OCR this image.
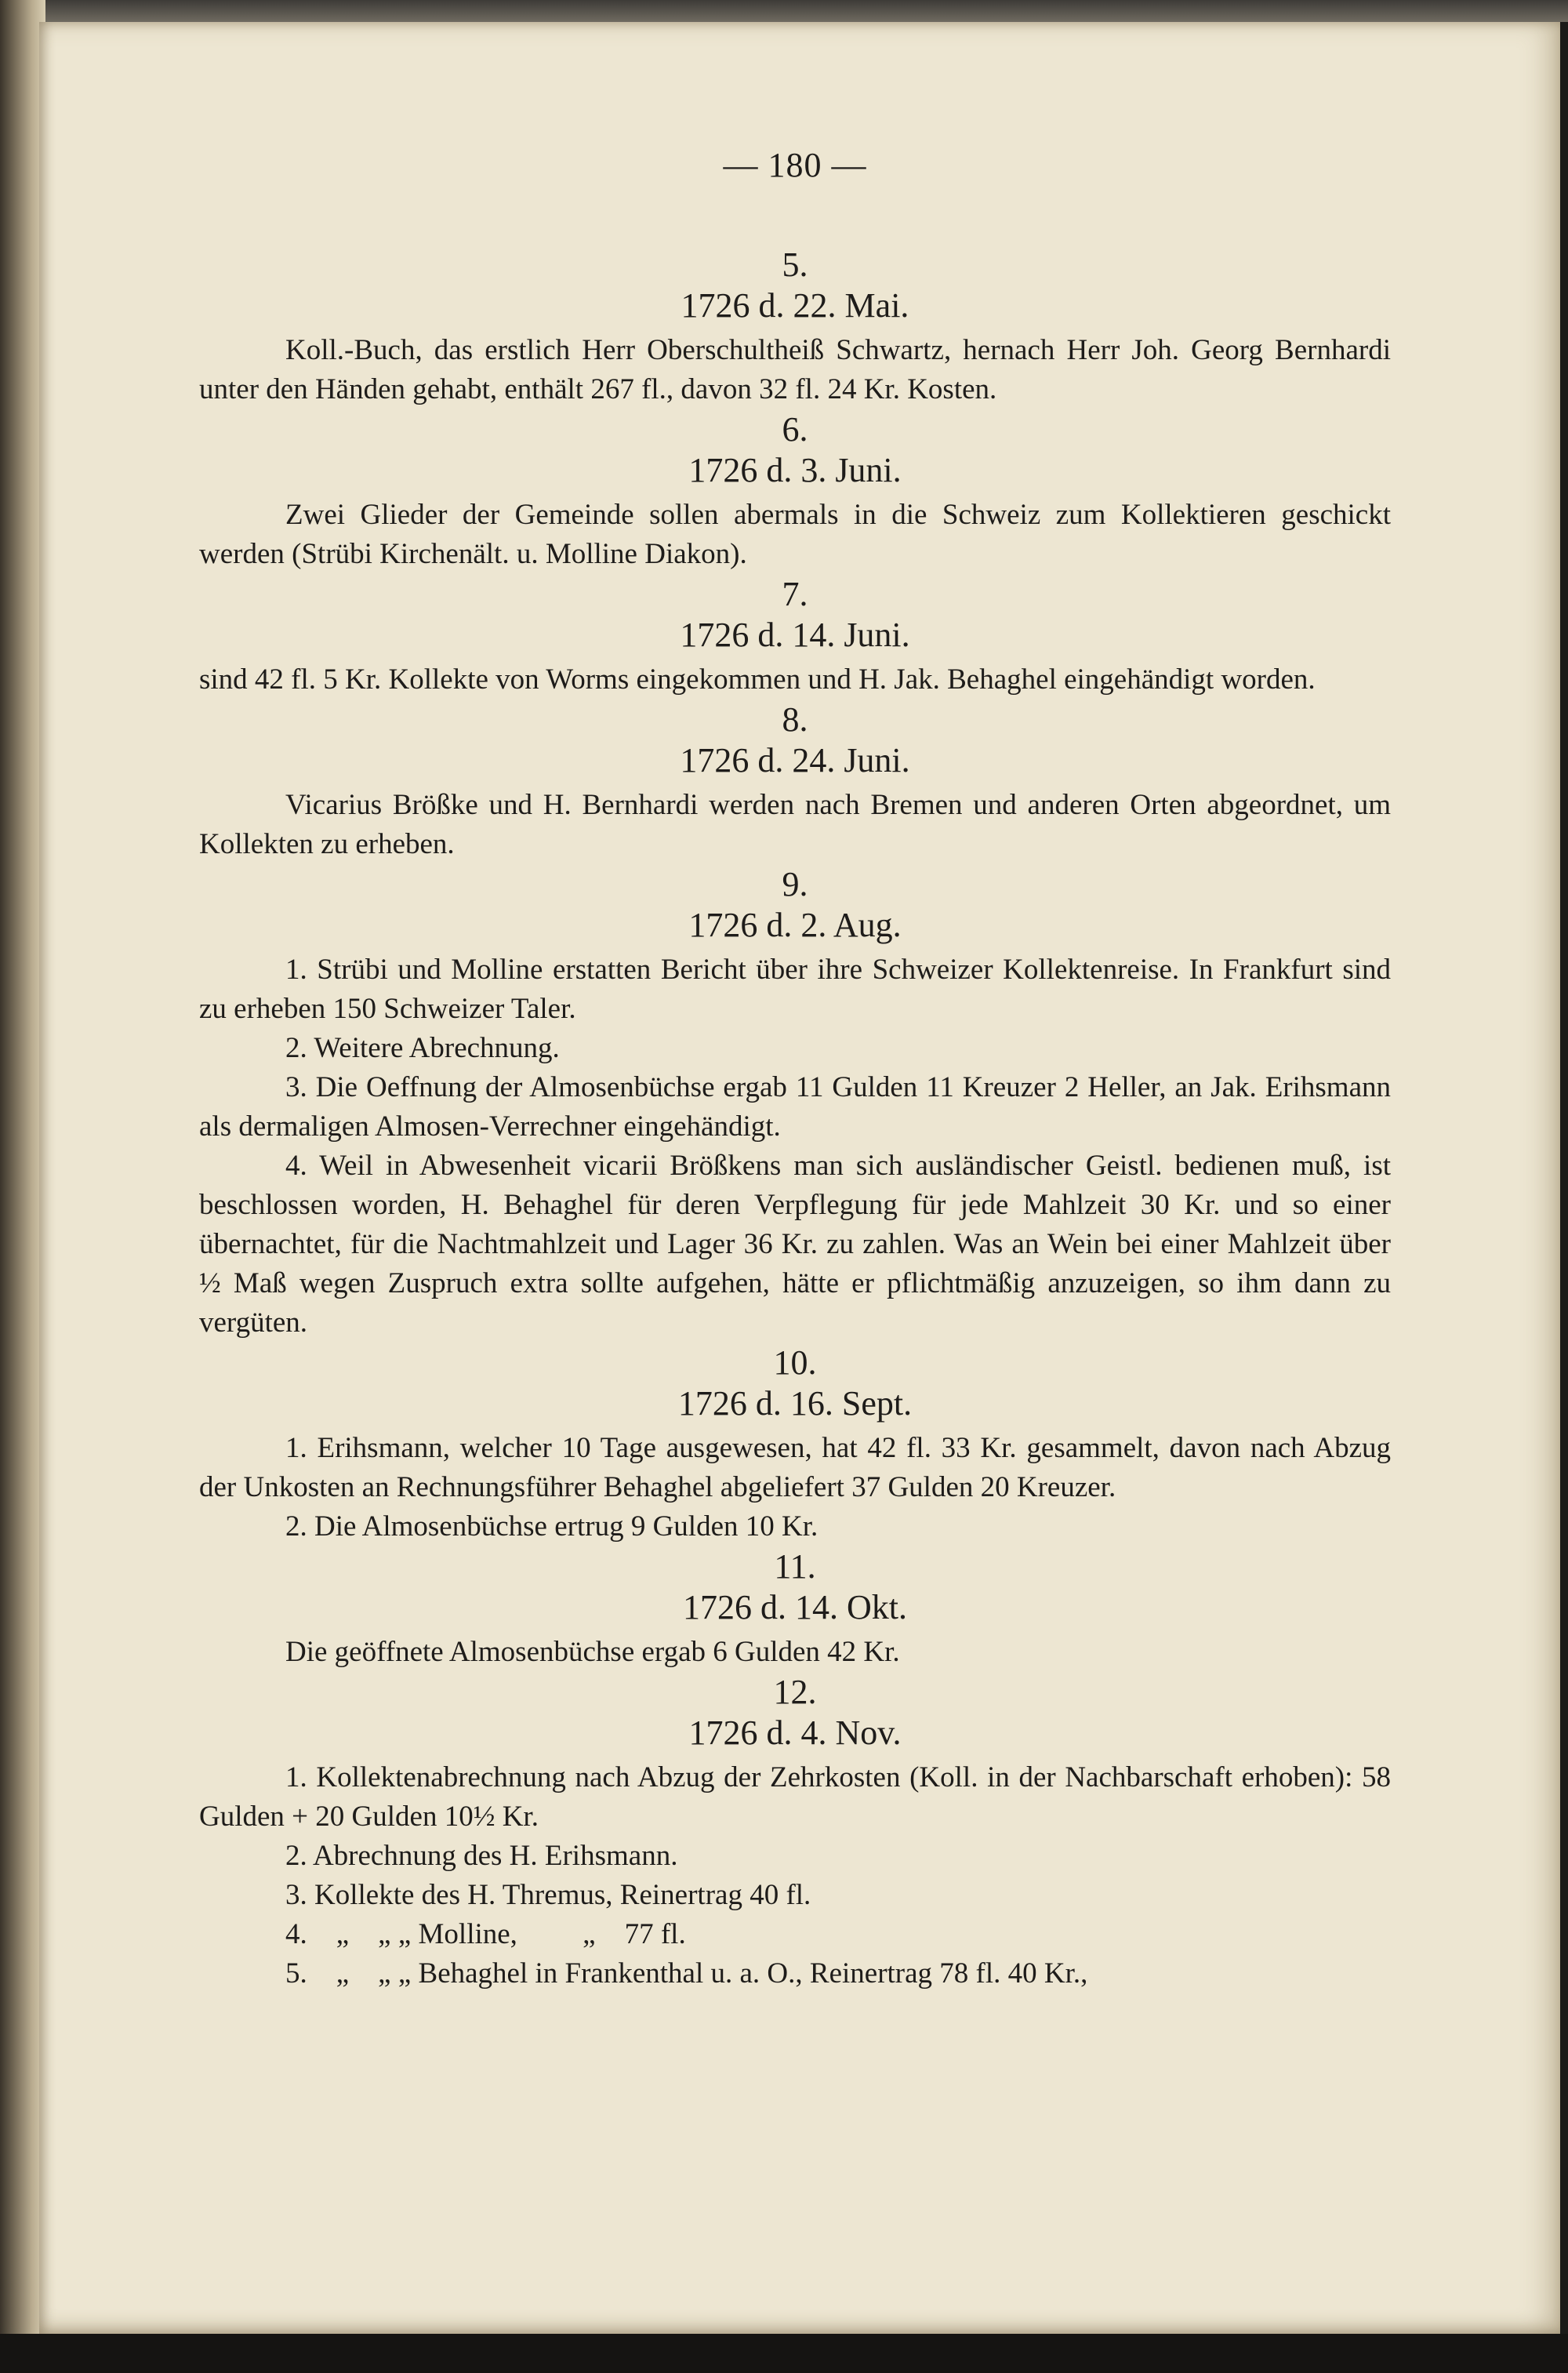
— 180 —
5.
1726 d. 22. Mai.

Koll.-Buch, das erstlich Herr Oberschultheiß Schwartz, hernach Herr Joh. Georg Bernhardi unter den Händen gehabt, enthält 267 fl., davon 32 fl. 24 Kr. Kosten.

6.
1726 d. 3. Juni.

Zwei Glieder der Gemeinde sollen abermals in die Schweiz zum Kollektieren geschickt werden (Strübi Kirchenält. u. Molline Diakon).

7.
1726 d. 14. Juni.

sind 42 fl. 5 Kr. Kollekte von Worms eingekommen und H. Jak. Behaghel eingehändigt worden.

8.
1726 d. 24. Juni.

Vicarius Brößke und H. Bernhardi werden nach Bremen und anderen Orten abgeordnet, um Kollekten zu erheben.

9.
1726 d. 2. Aug.

1. Strübi und Molline erstatten Bericht über ihre Schweizer Kollektenreise. In Frankfurt sind zu erheben 150 Schweizer Taler.

2. Weitere Abrechnung.

3. Die Oeffnung der Almosenbüchse ergab 11 Gulden 11 Kreuzer 2 Heller, an Jak. Erihsmann als dermaligen Almosen-Verrechner eingehändigt.

4. Weil in Abwesenheit vicarii Brößkens man sich ausländischer Geistl. bedienen muß, ist beschlossen worden, H. Behaghel für deren Verpflegung für jede Mahlzeit 30 Kr. und so einer übernachtet, für die Nachtmahlzeit und Lager 36 Kr. zu zahlen. Was an Wein bei einer Mahlzeit über ½ Maß wegen Zuspruch extra sollte aufgehen, hätte er pflichtmäßig anzuzeigen, so ihm dann zu vergüten.

10.
1726 d. 16. Sept.

1. Erihsmann, welcher 10 Tage ausgewesen, hat 42 fl. 33 Kr. gesammelt, davon nach Abzug der Unkosten an Rechnungsführer Behaghel abgeliefert 37 Gulden 20 Kreuzer.

2. Die Almosenbüchse ertrug 9 Gulden 10 Kr.

11.
1726 d. 14. Okt.

Die geöffnete Almosenbüchse ergab 6 Gulden 42 Kr.

12.
1726 d. 4. Nov.

1. Kollektenabrechnung nach Abzug der Zehrkosten (Koll. in der Nachbarschaft erhoben): 58 Gulden + 20 Gulden 10½ Kr.

2. Abrechnung des H. Erihsmann.

3. Kollekte des H. Thremus, Reinertrag 40 fl.

4.    „    „ „ Molline,         „    77 fl.

5.    „    „ „ Behaghel in Frankenthal u. a. O., Reinertrag 78 fl. 40 Kr.,
